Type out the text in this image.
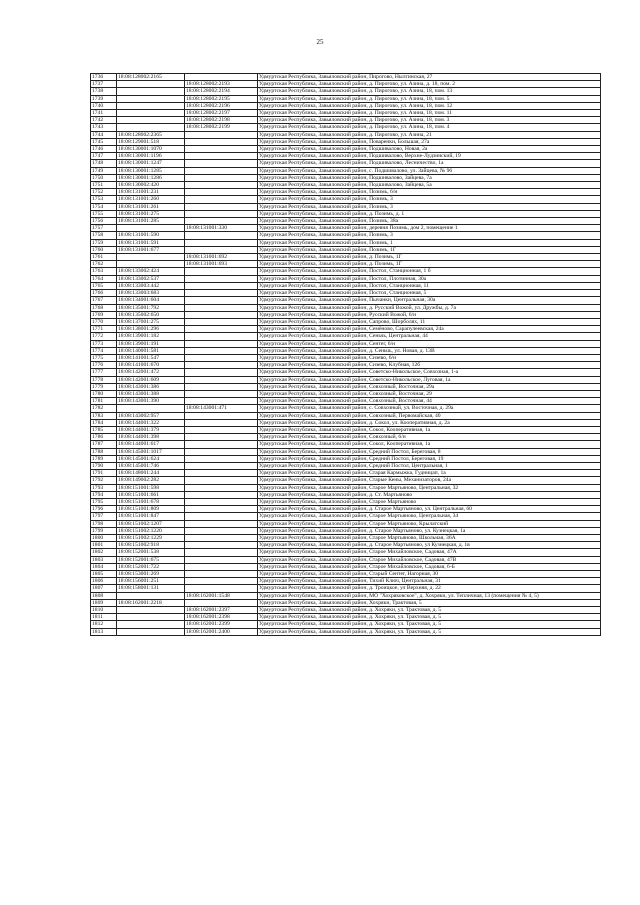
25
1736	18:08:128002:2165		Удмуртская Республика, Завьяловский район, Пирогово, Нылгинская, 27
1737		18:08:128002:2193	Удмуртская Республика, Завьяловский район, д. Пирогово, ул. Азина, д. 18, пом. 2
1738		18:08:128002:2194	Удмуртская Республика, Завьяловский район, д. Пирогово, ул. Азина, 18, пом. 13
1739		18:08:128002:2195	Удмуртская Республика, Завьяловский район, д. Пирогово, ул. Азина, 18, пом. 5
1740		18:08:128002:2196	Удмуртская Республика, Завьяловский район, д. Пирогово, ул. Азина, 18, пом. 12
1741		18:08:128002:2197	Удмуртская Республика, Завьяловский район, д. Пирогово, ул. Азина, 18, пом. 11
1742		18:08:128002:2198	Удмуртская Республика, Завьяловский район, д. Пирогово, ул. Азина, 18, пом. 3
1743		18:08:128002:2199	Удмуртская Республика, Завьяловский район, д. Пирогово, ул. Азина, 18, пом. 4
1744	18:08:128002:2365		Удмуртская Республика, Завьяловский район, д. Пирогово, ул. Азина, 21
1745	18:08:129001:518		Удмуртская Республика, Завьяловский район, Поваренки, Большая, 27а
1746	18:08:130001:1070		Удмуртская Республика, Завьяловский район, Подшивалово, Новая, 2а
1747	18:08:130001:1196		Удмуртская Республика, Завьяловский район, Подшивалово, Верхне-Лудзинский, 19
1748	18:08:130001:1247		Удмуртская Республика, Завьяловский район, Подшивалово, Лесничество, 1а
1749	18:08:130001:1285		Удмуртская Республика, Завьяловский район, с. Подшивалово, ул. Зайцева, № 96
1750	18:08:130001:1286		Удмуртская Республика, Завьяловский район, Подшивалово, Зайцева, 7а
1751	18:08:130002:420		Удмуртская Республика, Завьяловский район, Подшивалово, Зайцева, 5а
1752	18:08:131001:231		Удмуртская Республика, Завьяловский район, Позимь, 6/н
1753	18:08:131001:260		Удмуртская Республика, Завьяловский район, Позимь, 3
1754	18:08:131001:261		Удмуртская Республика, Завьяловский район, Позимь, 3
1755	18:08:131001:275		Удмуртская Республика, Завьяловский район, д. Позимь, д. 1
1756	18:08:131001:285		Удмуртская Республика, Завьяловский район, Позимь, 38а
1757		18:08:131001:330	Удмуртская Республика, Завьяловский район, деревня Позимь, дом 2, помещение 1
1758	18:08:131001:590		Удмуртская Республика, Завьяловский район, Позимь, 3
1759	18:08:131001:591		Удмуртская Республика, Завьяловский район, Позимь, 1
1760	18:08:131001:677		Удмуртская Республика, Завьяловский район, Позимь, 1Г
1761		18:08:131001:692	Удмуртская Республика, Завьяловский район, д. Позимь, 1Г
1762		18:08:131001:693	Удмуртская Республика, Завьяловский район, д. Позимь, 1Г
1763	18:08:133002:424		Удмуртская Республика, Завьяловский район, Постол, Станционная, 1 б
1764	18:08:133002:537		Удмуртская Республика, Завьяловский район, Постол, Плотинная, 30а
1765	18:08:133003:442		Удмуртская Республика, Завьяловский район, Постол, Станционная, 11
1766	18:08:133003:683		Удмуртская Республика, Завьяловский район, Постол, Станционная, 5
1767	18:08:134001:604		Удмуртская Республика, Завьяловский район, Пычанки, Центральная, 30а
1768	18:08:135001:792		Удмуртская Республика, Завьяловский район, д. Русский Вожой, ул. Дружбы, д. 7а
1769	18:08:135002:650		Удмуртская Республика, Завьяловский район, Русский Вожой, 6/н
1770	18:08:137001:275		Удмуртская Республика, Завьяловский район, Сапрово, Шорболях, 11
1771	18:08:138001:296		Удмуртская Республика, Завьяловский район, Семёново, Сарапулеевская, 24а
1772	18:08:139001:182		Удмуртская Республика, Завьяловский район, Сеньчь, Центральная, 44
1773	18:08:139001:191		Удмуртская Республика, Завьяловский район, Сентег, 6/н
1774	18:08:140001:581		Удмуртская Республика, Завьяловский район, д. Сеньчь, ул. Новая, д. 13В
1775	18:08:141001:547		Удмуртская Республика, Завьяловский район, Сизево, 6/н
1776	18:08:141001:670		Удмуртская Республика, Завьяловский район, Сизево, Клубная, 12б
1777	18:08:142001:472		Удмуртская Республика, Завьяловский район, Советско-Никольское, Совхозная, 1-а
1778	18:08:142001:609		Удмуртская Республика, Завьяловский район, Советско-Никольское, Луговая, 1а
1779	18:08:143001:386		Удмуртская Республика, Завьяловский район, Совхозный, Восточная, 29а
1780	18:08:143001:388		Удмуртская Республика, Завьяловский район, Совхозный, Восточная, 29
1781	18:08:143001:390		Удмуртская Республика, Завьяловский район, Совхозный, Восточная, 44
1782		18:08:143001:471	Удмуртская Республика, Завьяловский район, с. Совхозный, ул. Восточная, д. 29а
1783	18:08:143002:957		Удмуртская Республика, Завьяловский район, Совхозный, Первомайская, 40
1784	18:08:144001:322		Удмуртская Республика, Завьяловский район, д. Сокол, ул. Кооперативная, д. 2а
1785	18:08:144001:379		Удмуртская Республика, Завьяловский район, Сокол, Кооперативная, 1а
1786	18:08:144001:398		Удмуртская Республика, Завьяловский район, Совхозный, 6/н
1787	18:08:144001:617		Удмуртская Республика, Завьяловский район, Сокол, Кооперативная, 1а
1788	18:08:145001:1017		Удмуртская Республика, Завьяловский район, Средний Постол, Береговая, 8
1789	18:08:145001:624		Удмуртская Республика, Завьяловский район, Средний Постол, Береговая, 19
1790	18:08:145001:746		Удмуртская Республика, Завьяловский район, Средний Постол, Центральная, 1
1791	18:08:148001:244		Удмуртская Республика, Завьяловский район, Старая Кармыжка, Гудницап, 1а
1792	18:08:149002:282		Удмуртская Республика, Завьяловский район, Старые Кены, Механизаторов, 24а
1793	18:08:151001:598		Удмуртская Республика, Завьяловский район, Старое Мартьяново, Центральная, 32
1794	18:08:151001:661		Удмуртская Республика, Завьяловский район, д. Ст. Мартьяново
1795	18:08:151001:678		Удмуртская Республика, Завьяловский район, Старое Мартьяново
1796	18:08:151001:809		Удмуртская Республика, Завьяловский район, д. Старое Мартьяново, ул. Центральная, 60
1797	18:08:151001:847		Удмуртская Республика, Завьяловский район, Старое Мартьяново, Центральная, 34
1798	18:08:151002:1207		Удмуртская Республика, Завьяловский район, Старое Мартьяново, Крылатский
1799	18:08:151002:1220		Удмуртская Республика, Завьяловский район, д. Старое Мартьяново, ул. Кузнецкая, 1а
1800	18:08:151002:1229		Удмуртская Республика, Завьяловский район, Старое Мартьяново, Школьная, 36А
1801	18:08:151002:918		Удмуртская Республика, Завьяловский район, д. Старое Мартьяново, ул Кузнецкая, д. 1в
1802	18:08:152001:538		Удмуртская Республика, Завьяловский район, Старое Михайловское, Садовая, 47А
1803	18:08:152001:675		Удмуртская Республика, Завьяловский район, Старое Михайловское, Садовая, 47В
1804	18:08:152001:722		Удмуртская Республика, Завьяловский район, Старое Михайловское, Садовая, 6-Б
1805	18:08:153001:269		Удмуртская Республика, Завьяловский район, Старый Сентег, Нагорная, 30
1806	18:08:156001:251		Удмуртская Республика, Завьяловский район, Тихий Ключ, Центральная, 31
1807	18:08:158001:131		Удмуртская Республика, Завьяловский район, д. Троицкое, ул Верхняя, д. 22
1808		18:08:162001:1548	Удмуртская Республика, Завьяловский район, МО "Хохряковское", д. Хохряки, ул. Тепличная, 13 (помещения № 4, 5)
1809	18:08:162001:2218		Удмуртская Республика, Завьяловский район, Хохряки, Трактовая, 5
1810		18:08:162001:2397	Удмуртская Республика, Завьяловский район, д. Хохряки, ул. Трактовая, д. 5
1811		18:08:162001:2398	Удмуртская Республика, Завьяловский район, д. Хохряки, ул. Трактовая, д. 5
1812		18:08:162001:2399	Удмуртская Республика, Завьяловский район, д. Хохряки, ул. Трактовая, д. 5
1813		18:08:162001:2400	Удмуртская Республика, Завьяловский район, д. Хохряки, ул. Трактовая, д. 5
